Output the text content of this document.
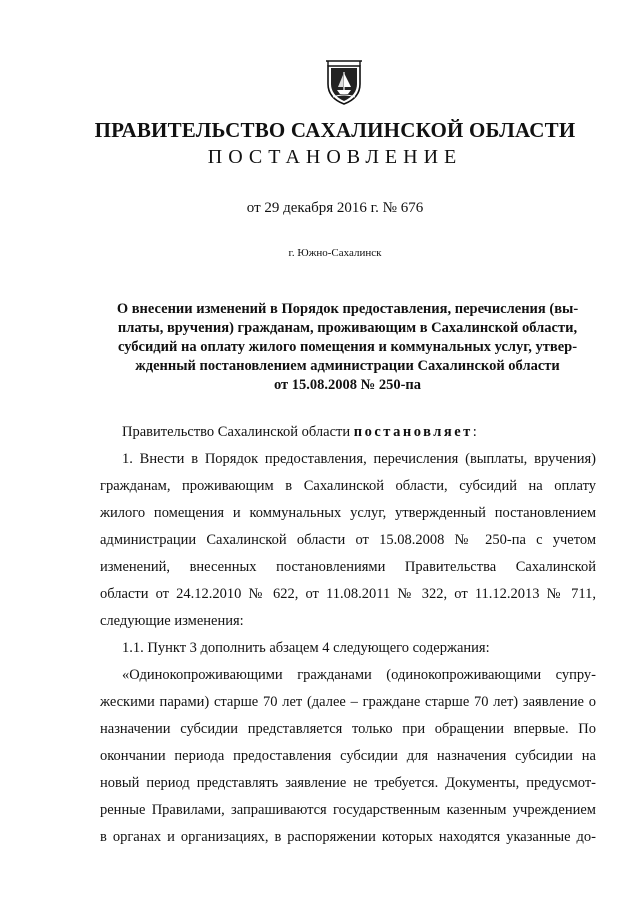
ПРАВИТЕЛЬСТВО САХАЛИНСКОЙ ОБЛАСТИ
ПОСТАНОВЛЕНИЕ
от 29 декабря 2016 г. № 676
г. Южно-Сахалинск
О внесении изменений в Порядок предоставления, перечисления (вы-
платы, вручения) гражданам, проживающим в Сахалинской области,
субсидий на оплату жилого помещения и коммунальных услуг, утвер-
жденный постановлением администрации Сахалинской области
от 15.08.2008 № 250-па
Правительство Сахалинской области постановляет:
1. Внести в Порядок предоставления, перечисления (выплаты, вручения)
гражданам, проживающим в Сахалинской области, субсидий на оплату
жилого помещения и коммунальных услуг, утвержденный постановлением
администрации Сахалинской области от 15.08.2008 № 250-па с учетом
изменений, внесенных постановлениями Правительства Сахалинской
области от 24.12.2010 № 622, от 11.08.2011 № 322, от 11.12.2013 № 711,
следующие изменения:
1.1. Пункт 3 дополнить абзацем 4 следующего содержания:
«Одинокопроживающими гражданами (одинокопроживающими супру-
жескими парами) старше 70 лет (далее – граждане старше 70 лет) заявление о
назначении субсидии представляется только при обращении впервые. По
окончании периода предоставления субсидии для назначения субсидии на
новый период представлять заявление не требуется. Документы, предусмот-
ренные Правилами, запрашиваются государственным казенным учреждением
в органах и организациях, в распоряжении которых находятся указанные до-
